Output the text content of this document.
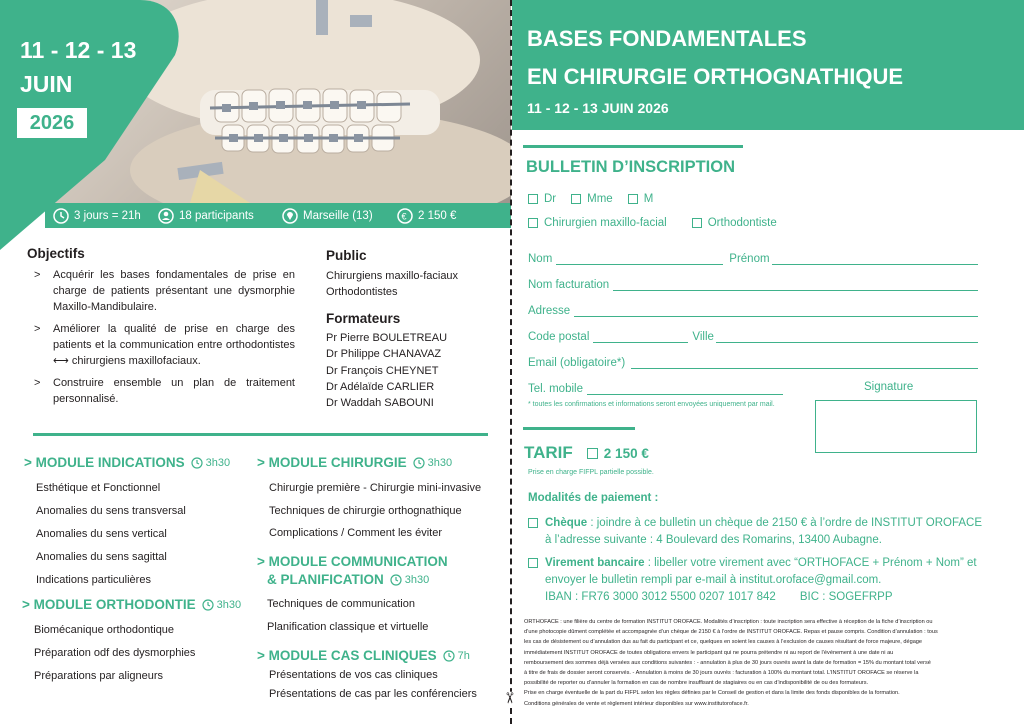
11 - 12 - 13
JUIN
2026
3 jours = 21h	18 participants	Marseille (13)	€ 2 150 €
Objectifs
>	Acquérir les bases fondamentales de prise en charge de patients présentant une dysmorphie Maxillo-Mandibulaire.
>	Améliorer la qualité de prise en charge des patients et la communication entre orthodontistes ⟷ chirurgiens maxillofaciaux.
>	Construire ensemble un plan de traitement personnalisé.
Public
Chirurgiens maxillo-faciaux
Orthodontistes
Formateurs
Pr Pierre BOULETREAU
Dr Philippe CHANAVAZ
Dr François CHEYNET
Dr Adélaïde CARLIER
Dr Waddah SABOUNI
> MODULE INDICATIONS 3h30
Esthétique et Fonctionnel
Anomalies du sens transversal
Anomalies du sens vertical
Anomalies du sens sagittal
Indications particulières
> MODULE ORTHODONTIE 3h30
Biomécanique orthodontique
Préparation odf des dysmorphies
Préparations par aligneurs
> MODULE CHIRURGIE 3h30
Chirurgie première - Chirurgie mini-invasive
Techniques de chirurgie orthognathique
Complications / Comment les éviter
> MODULE COMMUNICATION
& PLANIFICATION 3h30
Techniques de communication
Planification classique et virtuelle
> MODULE CAS CLINIQUES 7h
Présentations de vos cas cliniques
Présentations de cas par les conférenciers	✂
BASES FONDAMENTALES
EN CHIRURGIE ORTHOGNATHIQUE
11 - 12 - 13 JUIN 2026
BULLETIN D’INSCRIPTION
Dr	Mme	M
Chirurgien maxillo-facial	Orthodontiste
Nom	Prénom
Nom facturation
Adresse
Code postal	Ville
Email (obligatoire*)
Tel. mobile	Signature
* toutes les confirmations et informations seront envoyées uniquement par mail.
TARIF 2 150 €
Prise en charge FIFPL partielle possible.
Modalités de paiement :
Chèque : joindre à ce bulletin un chèque de 2150 € à l’ordre de INSTITUT OROFACE
à l’adresse suivante : 4 Boulevard des Romarins, 13400 Aubagne.
Virement bancaire : libeller votre virement avec “ORTHOFACE + Prénom + Nom” et
envoyer le bulletin rempli par e-mail à institut.oroface@gmail.com.
IBAN : FR76 3000 3012 5500 0207 1017 842 BIC : SOGEFRPP
ORTHOFACE : une filière du centre de formation INSTITUT OROFACE. Modalités d’inscription : toute inscription sera effective à réception de la fiche d’inscription ou
d’une photocopie dûment complétée et accompagnée d’un chèque de 2150 € à l’ordre de INSTITUT OROFACE. Repas et pause compris. Condition d’annulation : tous
les cas de désistement ou d’annulation dus au fait du participant et ce, quelques en soient les causes à l’exclusion de causes résultant de force majeure, dégage
immédiatement INSTITUT OROFACE de toutes obligations envers le participant qui ne pourra prétendre ni au report de l’événement à une date ni au
remboursement des sommes déjà versées aux conditions suivantes : - annulation à plus de 30 jours ouvrés avant la date de formation = 15% du montant total versé
à titre de frais de dossier seront conservés. - Annulation à moins de 30 jours ouvrés : facturation à 100% du montant total. L’INSTITUT OROFACE se réserve la
possibilité de reporter ou d’annuler la formation en cas de nombre insuffisant de stagiaires ou en cas d’indisponibilité de ou des formateurs.
Prise en charge éventuelle de la part du FIFPL selon les règles définies par le Conseil de gestion et dans la limite des fonds disponibles de la formation.
Conditions générales de vente et règlement intérieur disponibles sur www.institutoroface.fr.
